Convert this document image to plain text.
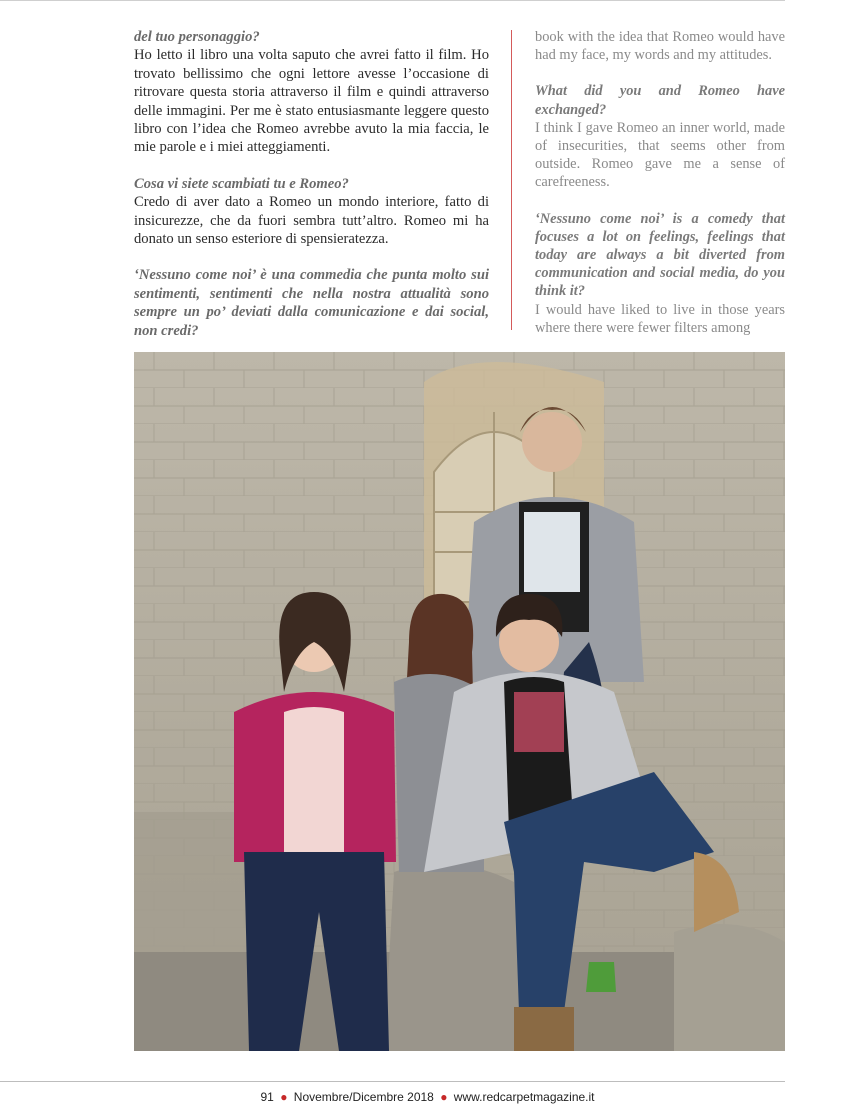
del tuo personaggio?

Ho letto il libro una volta saputo che avrei fatto il film. Ho trovato bellissimo che ogni lettore avesse l’occasione di ritrovare questa storia attraverso il film e quindi attraverso delle immagini. Per me è stato entusiasmante leggere questo libro con l’idea che Romeo avrebbe avuto la mia faccia, le mie parole e i miei atteggiamenti.

Cosa vi siete scambiati tu e Romeo?

Credo di aver dato a Romeo un mondo interiore, fatto di insicurezze, che da fuori sembra tutt’altro. Romeo mi ha donato un senso esteriore di spensieratezza.

‘Nessuno come noi’ è una commedia che punta molto sui sentimenti, sentimenti che nella nostra attualità sono sempre un po’ deviati dalla comunicazione e dai social, non credi?

book with the idea that Romeo would have had my face, my words and my attitudes.

What did you and Romeo have exchanged?

I think I gave Romeo an inner world, made of insecurities, that seems other from outside. Romeo gave me a sense of carefreeness.

‘Nessuno come noi’ is a comedy that focuses a lot on feelings, feelings that today are always a bit diverted from communication and social media, do you think it?

I would have liked to live in those years where there were fewer filters among

91 ● Novembre/Dicembre 2018 ● www.redcarpetmagazine.it
